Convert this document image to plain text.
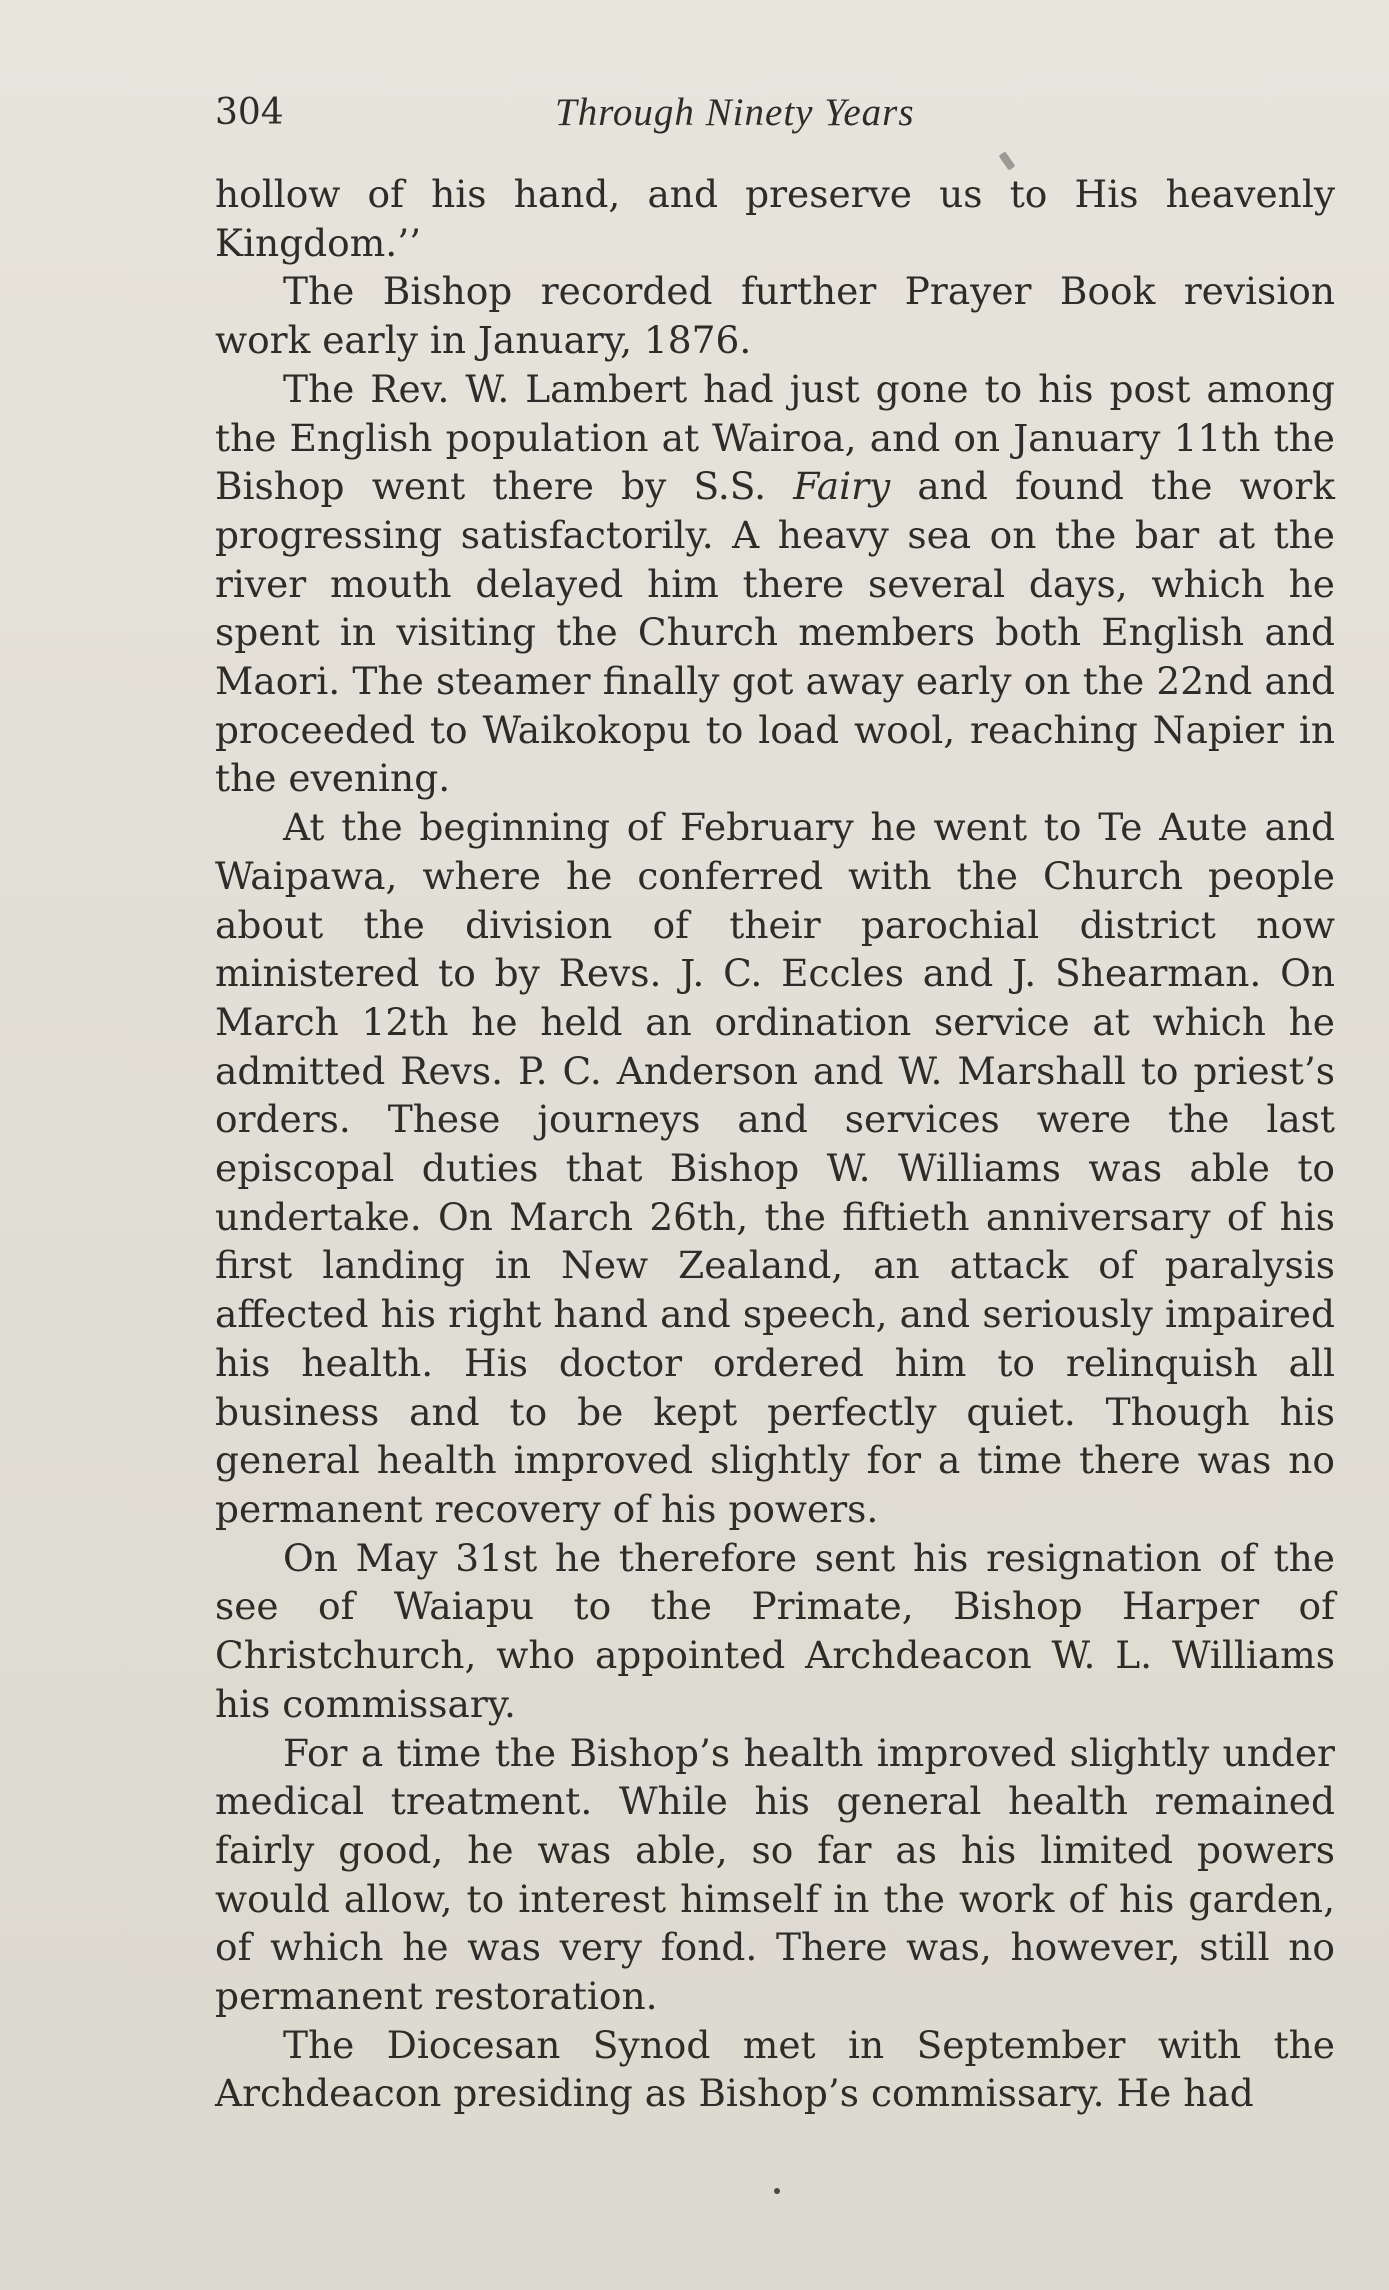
304	Through Ninety Years

hollow of his hand, and preserve us to His heavenly Kingdom.’’

The Bishop recorded further Prayer Book revision work early in January, 1876.

The Rev. W. Lambert had just gone to his post among the English population at Wairoa, and on January 11th the Bishop went there by S.S. Fairy and found the work progressing satisfactorily. A heavy sea on the bar at the river mouth delayed him there several days, which he spent in visiting the Church members both English and Maori. The steamer finally got away early on the 22nd and proceeded to Waikokopu to load wool, reaching Napier in the evening.

At the beginning of February he went to Te Aute and Waipawa, where he conferred with the Church people about the division of their parochial district now ministered to by Revs. J. C. Eccles and J. Shearman. On March 12th he held an ordination service at which he admitted Revs. P. C. Anderson and W. Marshall to priest’s orders. These journeys and services were the last episcopal duties that Bishop W. Williams was able to undertake. On March 26th, the fiftieth anniversary of his first landing in New Zealand, an attack of paralysis affected his right hand and speech, and seriously impaired his health. His doctor ordered him to relinquish all business and to be kept perfectly quiet. Though his general health improved slightly for a time there was no permanent recovery of his powers.

On May 31st he therefore sent his resignation of the see of Waiapu to the Primate, Bishop Harper of Christchurch, who appointed Archdeacon W. L. Williams his commissary.

For a time the Bishop’s health improved slightly under medical treatment. While his general health remained fairly good, he was able, so far as his limited powers would allow, to interest himself in the work of his garden, of which he was very fond. There was, however, still no permanent restoration.

The Diocesan Synod met in September with the Archdeacon presiding as Bishop’s commissary. He had
